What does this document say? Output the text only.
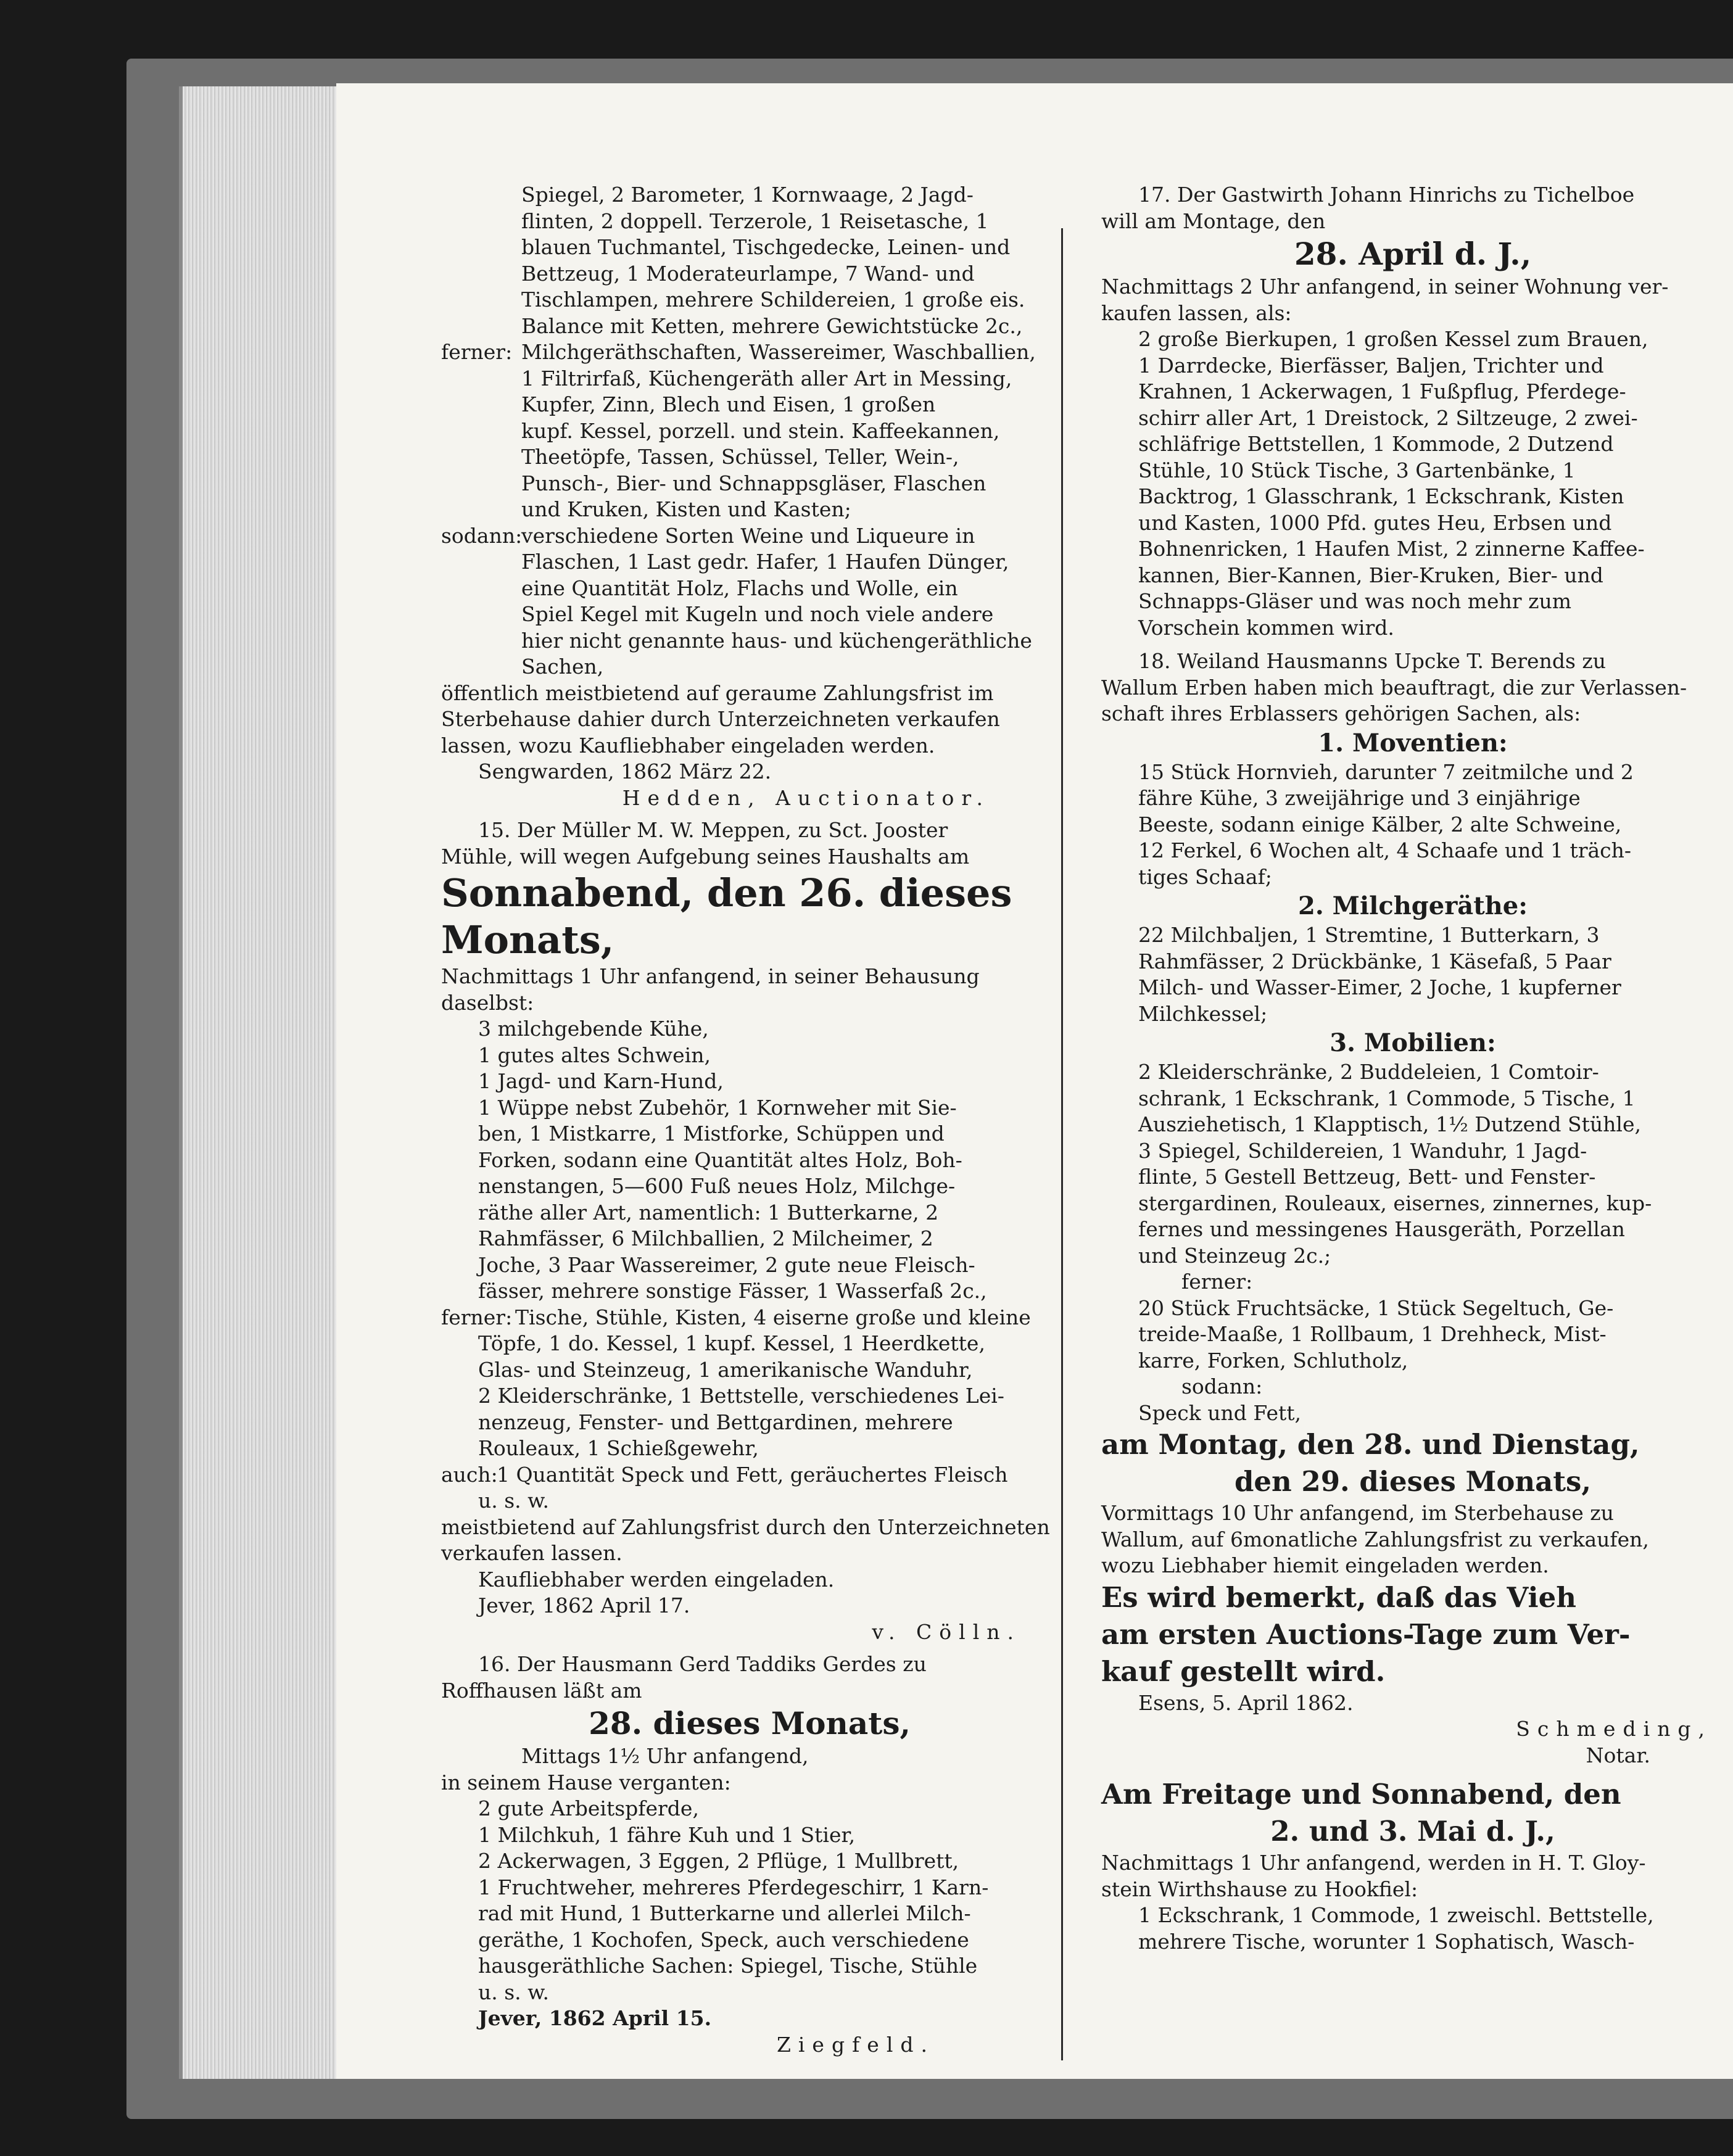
Spiegel, 2 Barometer, 1 Kornwaage, 2 Jagd-

flinten, 2 doppell. Terzerole, 1 Reisetasche, 1

blauen Tuchmantel, Tischgedecke, Leinen- und

Bettzeug, 1 Moderateurlampe, 7 Wand- und

Tischlampen, mehrere Schildereien, 1 große eis.

Balance mit Ketten, mehrere Gewichtstücke 2c.,

ferner: Milchgeräthschaften, Wassereimer, Waschballien,

1 Filtrirfaß, Küchengeräth aller Art in Messing,

Kupfer, Zinn, Blech und Eisen, 1 großen

kupf. Kessel, porzell. und stein. Kaffeekannen,

Theetöpfe, Tassen, Schüssel, Teller, Wein-,

Punsch-, Bier- und Schnappsgläser, Flaschen

und Kruken, Kisten und Kasten;

sodann:
verschiedene Sorten Weine und Liqueure in

Flaschen, 1 Last gedr. Hafer, 1 Haufen Dünger,

eine Quantität Holz, Flachs und Wolle, ein

Spiel Kegel mit Kugeln und noch viele andere

hier nicht genannte haus- und küchengeräthliche

Sachen,

öffentlich meistbietend auf geraume Zahlungsfrist im

Sterbehause dahier durch Unterzeichneten verkaufen

lassen, wozu Kaufliebhaber eingeladen werden.

Sengwarden, 1862 März 22.

Hedden, Auctionator.

15. Der Müller M. W. Meppen, zu Sct. Jooster

Mühle, will wegen Aufgebung seines Haushalts am

Sonnabend, den 26. dieses Monats,

Nachmittags 1 Uhr anfangend, in seiner Behausung

daselbst:

3 milchgebende Kühe,

1 gutes altes Schwein,

1 Jagd- und Karn-Hund,

1 Wüppe nebst Zubehör, 1 Kornweher mit Sie-

ben, 1 Mistkarre, 1 Mistforke, Schüppen und

Forken, sodann eine Quantität altes Holz, Boh-

nenstangen, 5—600 Fuß neues Holz, Milchge-

räthe aller Art, namentlich: 1 Butterkarne, 2

Rahmfässer, 6 Milchballien, 2 Milcheimer, 2

Joche, 3 Paar Wassereimer, 2 gute neue Fleisch-

fässer, mehrere sonstige Fässer, 1 Wasserfaß 2c.,

ferner: Tische, Stühle, Kisten, 4 eiserne große und kleine

Töpfe, 1 do. Kessel, 1 kupf. Kessel, 1 Heerdkette,

Glas- und Steinzeug, 1 amerikanische Wanduhr,

2 Kleiderschränke, 1 Bettstelle, verschiedenes Lei-

nenzeug, Fenster- und Bettgardinen, mehrere

Rouleaux, 1 Schießgewehr,

auch:
1 Quantität Speck und Fett, geräuchertes Fleisch

u. s. w.

meistbietend auf Zahlungsfrist durch den Unterzeichneten

verkaufen lassen.

Kaufliebhaber werden eingeladen.

Jever, 1862 April 17.

v. Cölln.

16. Der Hausmann Gerd Taddiks Gerdes zu

Roffhausen läßt am

28. dieses Monats,

Mittags 1½ Uhr anfangend,

in seinem Hause verganten:

2 gute Arbeitspferde,

1 Milchkuh, 1 fähre Kuh und 1 Stier,

2 Ackerwagen, 3 Eggen, 2 Pflüge, 1 Mullbrett,

1 Fruchtweher, mehreres Pferdegeschirr, 1 Karn-

rad mit Hund, 1 Butterkarne und allerlei Milch-

geräthe, 1 Kochofen, Speck, auch verschiedene

hausgeräthliche Sachen: Spiegel, Tische, Stühle

u. s. w.

Jever, 1862 April 15.

Ziegfeld.

17. Der Gastwirth Johann Hinrichs zu Tichelboe

will am Montage, den

28. April d. J.,

Nachmittags 2 Uhr anfangend, in seiner Wohnung ver-

kaufen lassen, als:

2 große Bierkupen, 1 großen Kessel zum Brauen,

1 Darrdecke, Bierfässer, Baljen, Trichter und

Krahnen, 1 Ackerwagen, 1 Fußpflug, Pferdege-

schirr aller Art, 1 Dreistock, 2 Siltzeuge, 2 zwei-

schläfrige Bettstellen, 1 Kommode, 2 Dutzend

Stühle, 10 Stück Tische, 3 Gartenbänke, 1

Backtrog, 1 Glasschrank, 1 Eckschrank, Kisten

und Kasten, 1000 Pfd. gutes Heu, Erbsen und

Bohnenricken, 1 Haufen Mist, 2 zinnerne Kaffee-

kannen, Bier-Kannen, Bier-Kruken, Bier- und

Schnapps-Gläser und was noch mehr zum

Vorschein kommen wird.

18. Weiland Hausmanns Upcke T. Berends zu

Wallum Erben haben mich beauftragt, die zur Verlassen-

schaft ihres Erblassers gehörigen Sachen, als:

1. Moventien:

15 Stück Hornvieh, darunter 7 zeitmilche und 2

fähre Kühe, 3 zweijährige und 3 einjährige

Beeste, sodann einige Kälber, 2 alte Schweine,

12 Ferkel, 6 Wochen alt, 4 Schaafe und 1 träch-

tiges Schaaf;

2. Milchgeräthe:

22 Milchbaljen, 1 Stremtine, 1 Butterkarn, 3

Rahmfässer, 2 Drückbänke, 1 Käsefaß, 5 Paar

Milch- und Wasser-Eimer, 2 Joche, 1 kupferner

Milchkessel;

3. Mobilien:

2 Kleiderschränke, 2 Buddeleien, 1 Comtoir-

schrank, 1 Eckschrank, 1 Commode, 5 Tische, 1

Ausziehetisch, 1 Klapptisch, 1½ Dutzend Stühle,

3 Spiegel, Schildereien, 1 Wanduhr, 1 Jagd-

flinte, 5 Gestell Bettzeug, Bett- und Fenster-

stergardinen, Rouleaux, eisernes, zinnernes, kup-

fernes und messingenes Hausgeräth, Porzellan

und Steinzeug 2c.;

ferner:

20 Stück Fruchtsäcke, 1 Stück Segeltuch, Ge-

treide-Maaße, 1 Rollbaum, 1 Drehheck, Mist-

karre, Forken, Schlutholz,

sodann:

Speck und Fett,

am Montag, den 28. und Dienstag,

den 29. dieses Monats,

Vormittags 10 Uhr anfangend, im Sterbehause zu

Wallum, auf 6monatliche Zahlungsfrist zu verkaufen,

wozu Liebhaber hiemit eingeladen werden.

Es wird bemerkt, daß das Vieh

am ersten Auctions-Tage zum Ver-

kauf gestellt wird.

Esens, 5. April 1862.

Schmeding,

Notar.

Am Freitage und Sonnabend, den

2. und 3. Mai d. J.,

Nachmittags 1 Uhr anfangend, werden in H. T. Gloy-

stein Wirthshause zu Hookfiel:

1 Eckschrank, 1 Commode, 1 zweischl. Bettstelle,

mehrere Tische, worunter 1 Sophatisch, Wasch-
